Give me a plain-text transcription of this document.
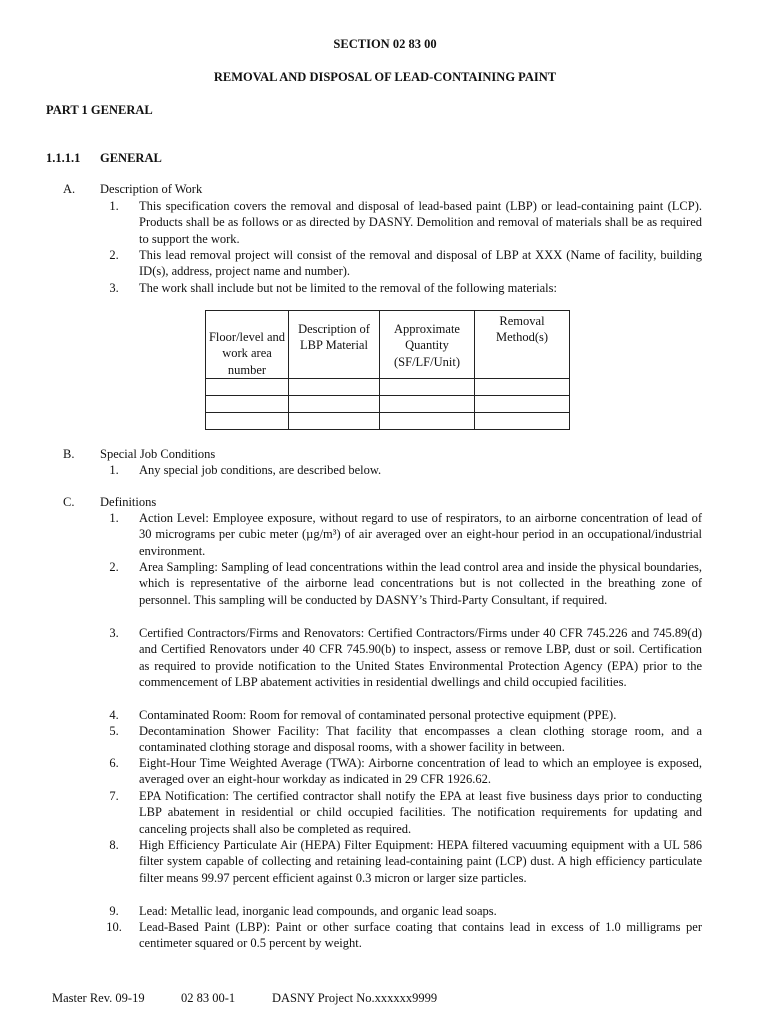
SECTION 02 83 00
REMOVAL AND DISPOSAL OF LEAD-CONTAINING PAINT
PART 1 GENERAL
1.1.1.1 GENERAL
A. Description of Work
1.	This specification covers the removal and disposal of lead-based paint (LBP) or lead-containing paint (LCP). Products shall be as follows or as directed by DASNY. Demolition and removal of materials shall be as required to support the work.
2.	This lead removal project will consist of the removal and disposal of LBP at XXX (Name of facility, building ID(s), address, project name and number).
3.	The work shall include but not be limited to the removal of the following materials:
Floor/level and work area number	Description of LBP Material	Approximate Quantity (SF/LF/Unit)	Removal Method(s)

B. Special Job Conditions
1.	Any special job conditions, are described below.
C. Definitions
1.	Action Level: Employee exposure, without regard to use of respirators, to an airborne concentration of lead of 30 micrograms per cubic meter (µg/m³) of air averaged over an eight-hour period in an occupational/industrial environment.
2.	Area Sampling: Sampling of lead concentrations within the lead control area and inside the physical boundaries, which is representative of the airborne lead concentrations but is not collected in the breathing zone of personnel. This sampling will be conducted by DASNY’s Third-Party Consultant, if required.
3.	Certified Contractors/Firms and Renovators: Certified Contractors/Firms under 40 CFR 745.226 and 745.89(d) and Certified Renovators under 40 CFR 745.90(b) to inspect, assess or remove LBP, dust or soil. Certification as required to provide notification to the United States Environmental Protection Agency (EPA) prior to the commencement of LBP abatement activities in residential dwellings and child occupied facilities.
4.	Contaminated Room: Room for removal of contaminated personal protective equipment (PPE).
5.	Decontamination Shower Facility: That facility that encompasses a clean clothing storage room, and a contaminated clothing storage and disposal rooms, with a shower facility in between.
6.	Eight-Hour Time Weighted Average (TWA): Airborne concentration of lead to which an employee is exposed, averaged over an eight-hour workday as indicated in 29 CFR 1926.62.
7.	EPA Notification: The certified contractor shall notify the EPA at least five business days prior to conducting LBP abatement in residential or child occupied facilities. The notification requirements for updating and canceling projects shall also be completed as required.
8.	High Efficiency Particulate Air (HEPA) Filter Equipment: HEPA filtered vacuuming equipment with a UL 586 filter system capable of collecting and retaining lead-containing paint (LCP) dust. A high efficiency particulate filter means 99.97 percent efficient against 0.3 micron or larger size particles.
9.	Lead: Metallic lead, inorganic lead compounds, and organic lead soaps.
10.	Lead-Based Paint (LBP): Paint or other surface coating that contains lead in excess of 1.0 milligrams per centimeter squared or 0.5 percent by weight.
Master Rev. 09-19	02 83 00-1	DASNY Project No.xxxxxx9999
